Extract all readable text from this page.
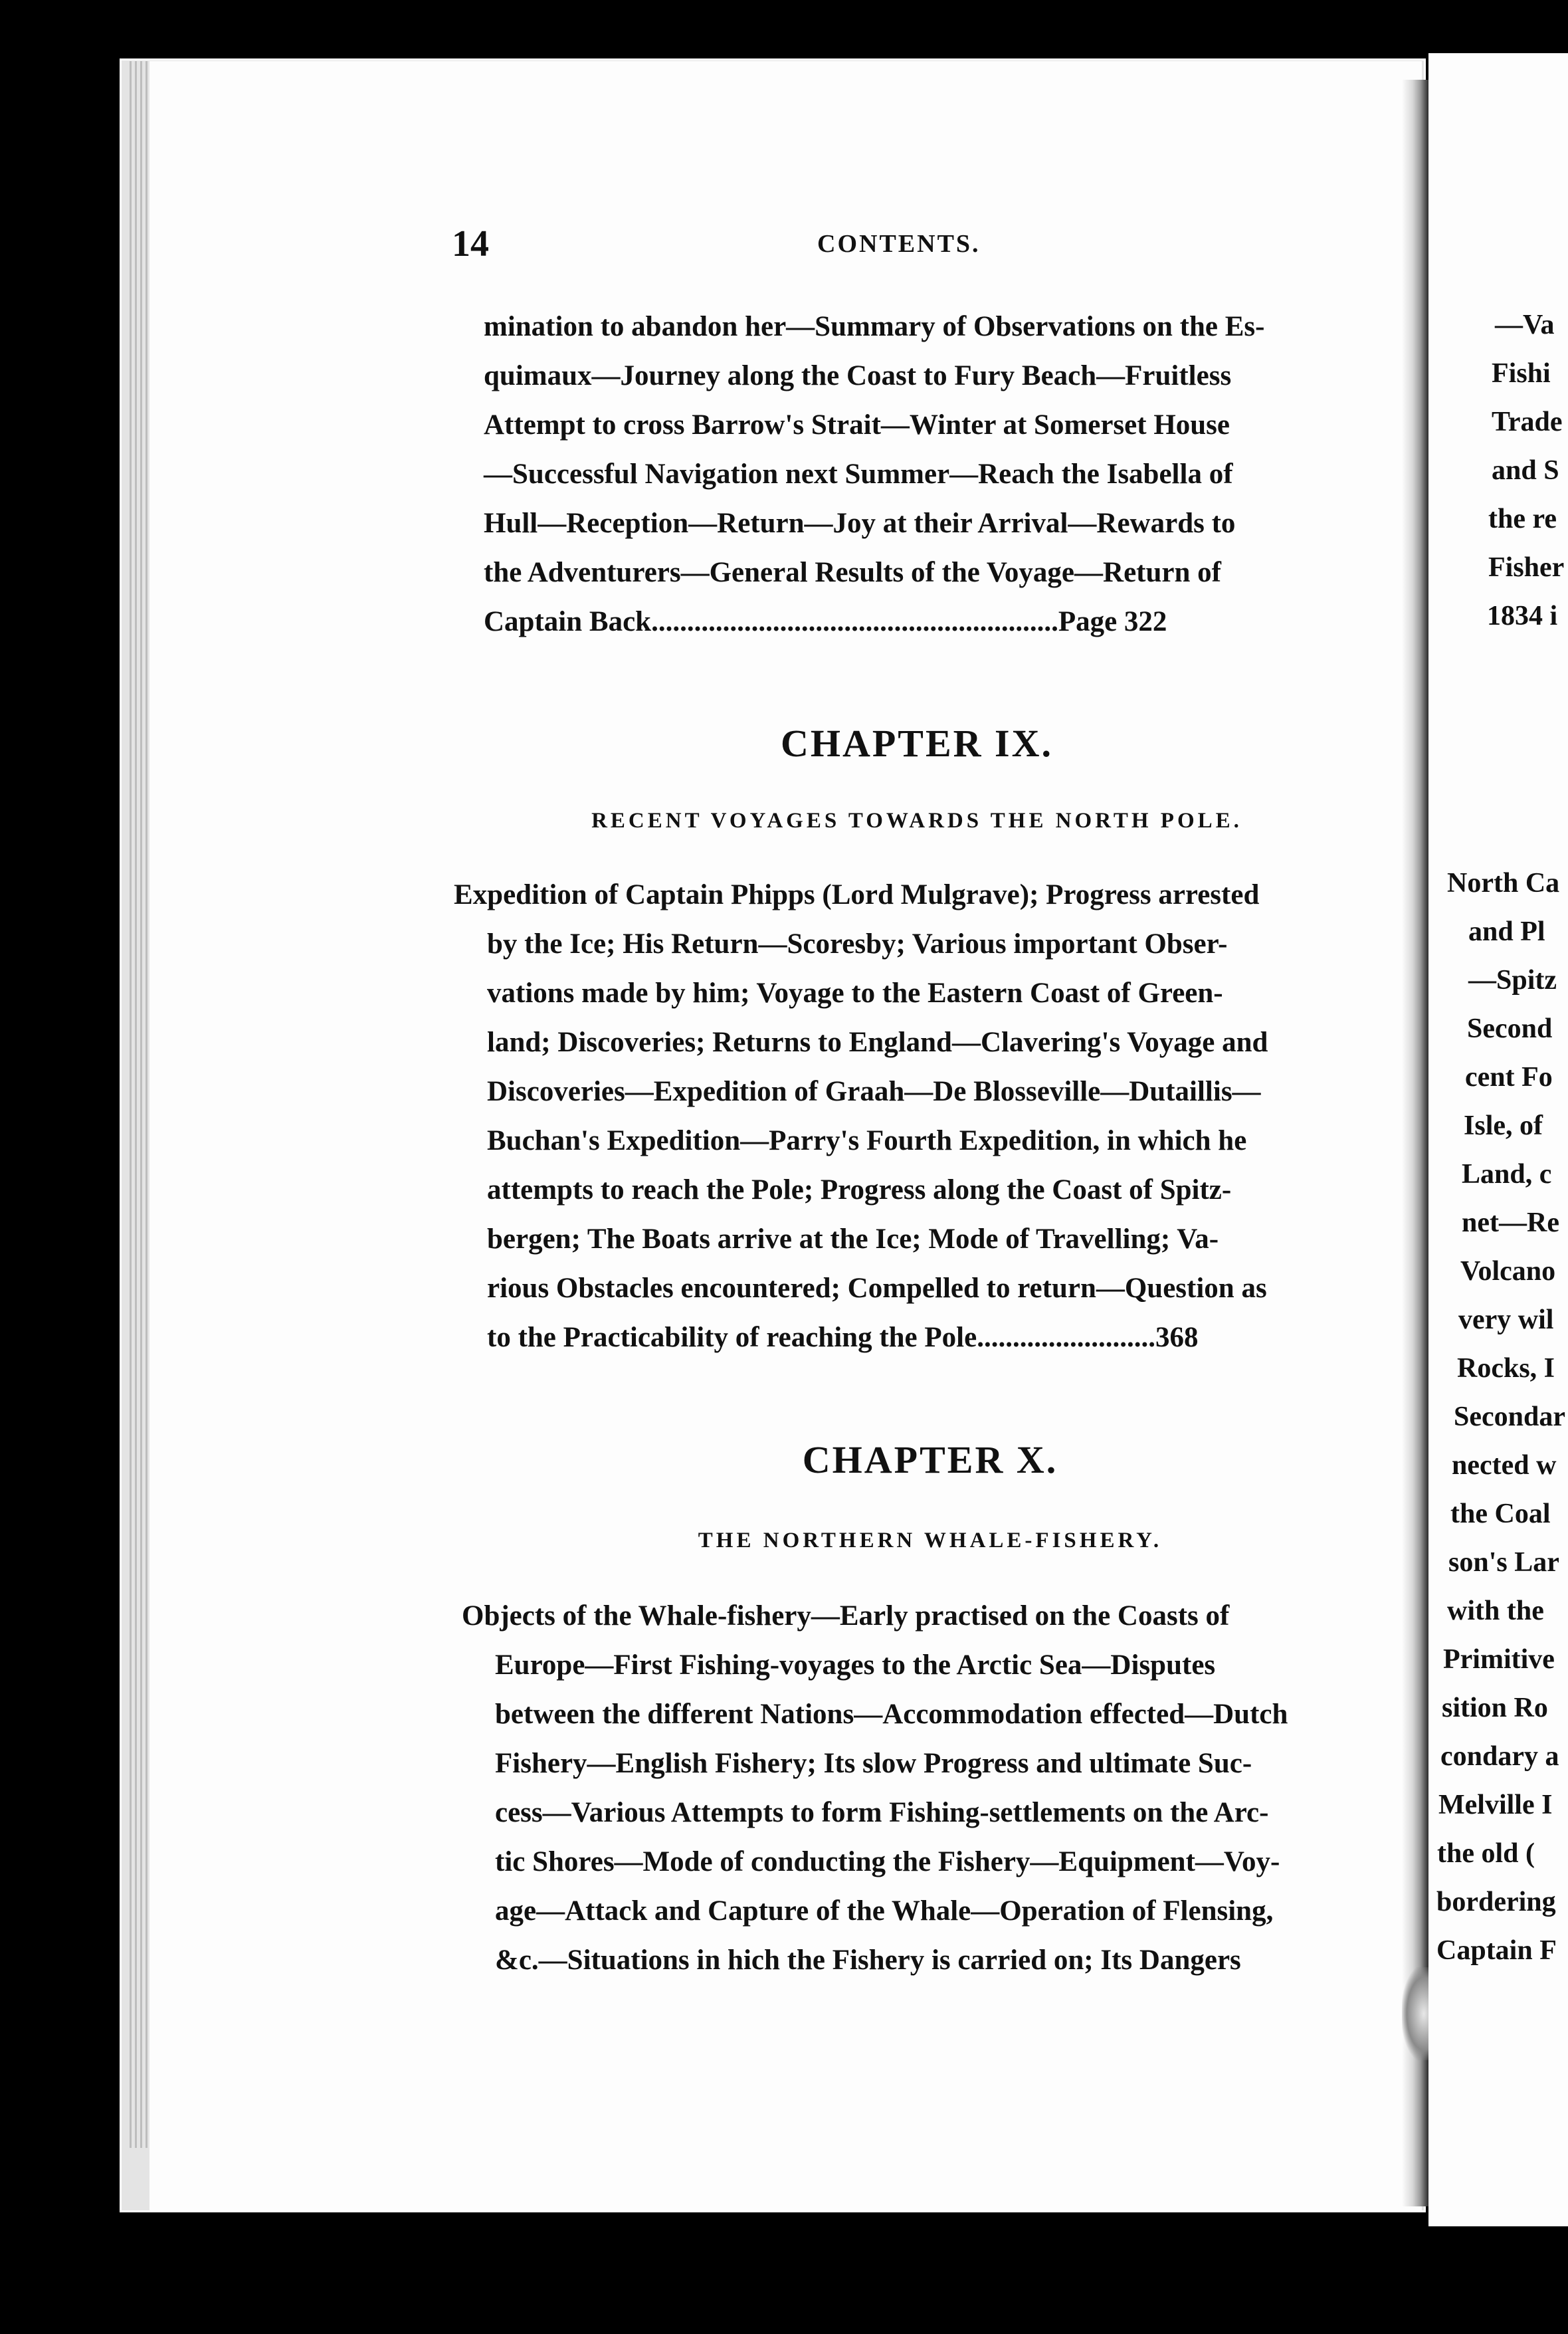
14	CONTENTS.
mination to abandon her—Summary of Observations on the Es-
quimaux—Journey along the Coast to Fury Beach—Fruitless
Attempt to cross Barrow's Strait—Winter at Somerset House
—Successful Navigation next Summer—Reach the Isabella of
Hull—Reception—Return—Joy at their Arrival—Rewards to
the Adventurers—General Results of the Voyage—Return of
Captain Back.........................................................Page 322
CHAPTER IX.
RECENT VOYAGES TOWARDS THE NORTH POLE.
Expedition of Captain Phipps (Lord Mulgrave); Progress arrested
by the Ice; His Return—Scoresby; Various important Obser-
vations made by him; Voyage to the Eastern Coast of Green-
land; Discoveries; Returns to England—Clavering's Voyage and
Discoveries—Expedition of Graah—De Blosseville—Dutaillis—
Buchan's Expedition—Parry's Fourth Expedition, in which he
attempts to reach the Pole; Progress along the Coast of Spitz-
bergen; The Boats arrive at the Ice; Mode of Travelling; Va-
rious Obstacles encountered; Compelled to return—Question as
to the Practicability of reaching the Pole.........................368
CHAPTER X.
THE NORTHERN WHALE-FISHERY.
Objects of the Whale-fishery—Early practised on the Coasts of
Europe—First Fishing-voyages to the Arctic Sea—Disputes
between the different Nations—Accommodation effected—Dutch
Fishery—English Fishery; Its slow Progress and ultimate Suc-
cess—Various Attempts to form Fishing-settlements on the Arc-
tic Shores—Mode of conducting the Fishery—Equipment—Voy-
age—Attack and Capture of the Whale—Operation of Flensing,
&c.—Situations in hich the Fishery is carried on; Its Dangers
—Va
Fishi
Trade
and S
the re
Fisher
1834 i
North Ca
and Pl
—Spitz
Second
cent Fo
Isle, of
Land, c
net—Re
Volcano
very wil
Rocks, I
Secondar
nected w
the Coal
son's Lar
with the
Primitive
sition Ro
condary a
Melville I
the old (
bordering
Captain F
